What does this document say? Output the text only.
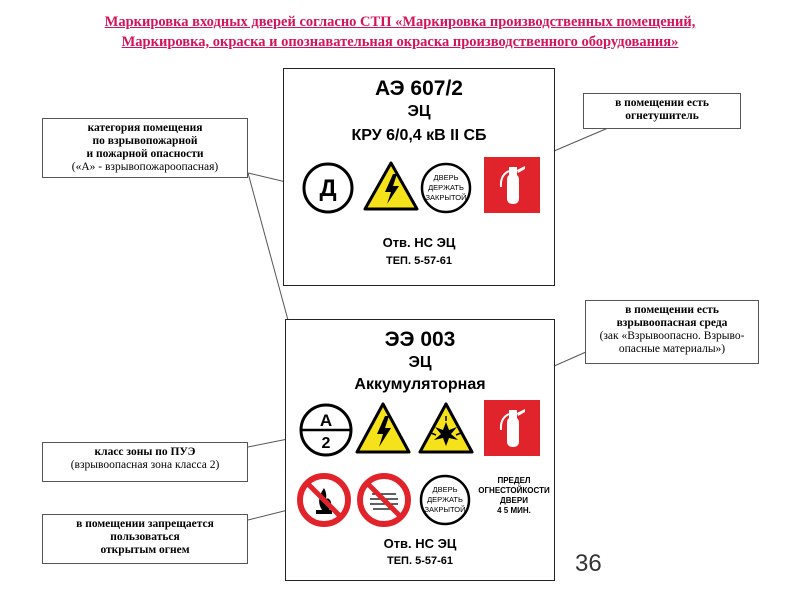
Маркировка входных дверей согласно СТП «Маркировка производственных помещений,
Маркировка, окраска и опознавательная окраска производственного оборудования»
АЭ 607/2
ЭЦ
КРУ 6/0,4 кВ II СБ
Д	ДВЕРЬ
ДЕРЖАТЬ
ЗАКРЫТОЙ
Отв. НС ЭЦ
ТЕП. 5-57-61
ЭЭ 003
ЭЦ
Аккумуляторная
А
2
ДВЕРЬ
ДЕРЖАТЬ
ЗАКРЫТОЙ
ПРЕДЕЛ
ОГНЕСТОЙКОСТИ
ДВЕРИ
4 5 МИН.
Отв. НС ЭЦ
ТЕП. 5-57-61
категория помещения
по взрывопожарной
и пожарной опасности
(«А» - взрывопожароопасная)
в помещении есть
огнетушитель
в помещении есть
взрывоопасная среда
(зак «Взрывоопасно. Взрыво-
опасные материалы»)
класс зоны по ПУЭ
(взрывоопасная зона класса 2)
в помещении запрещается
пользоваться
открытым огнем	36
